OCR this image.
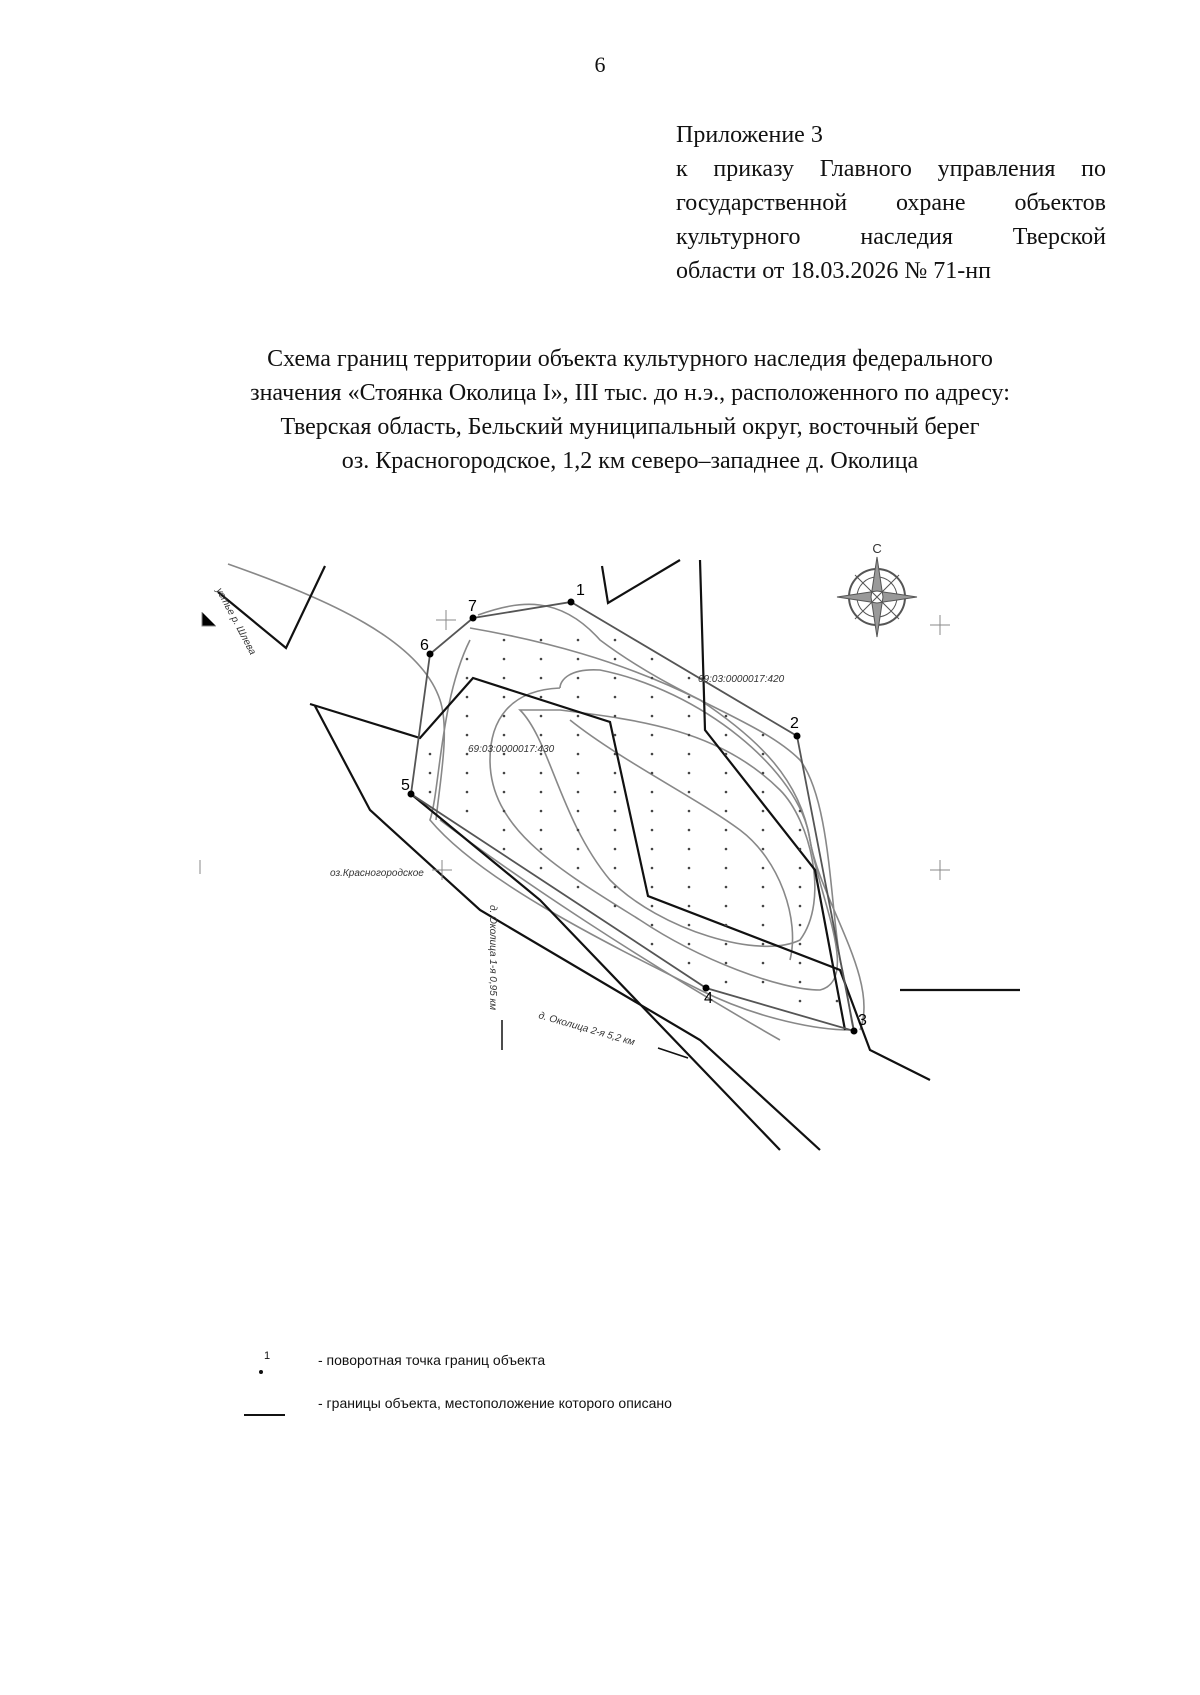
6
Приложение 3
к приказу Главного управления по
государственной охране объектов
культурного наследия Тверской
области от 18.03.2026 № 71-нп
Схема границ территории объекта культурного наследия федерального
значения «Стоянка Околица I», III тыс. до н.э., расположенного по адресу:
Тверская область, Бельский муниципальный округ, восточный берег
оз. Красногородское, 1,2 км северо–западнее д. Околица
1
2
3
4
5
6
7
устье р. Шлева
оз.Красногородское
69:03:0000017:420
69:03:0000017:430
д. Околица 1-я 0,95 км
д. Околица 2-я 5,2 км
С
1	- поворотная точка границ объекта
- границы объекта, местоположение которого описано
